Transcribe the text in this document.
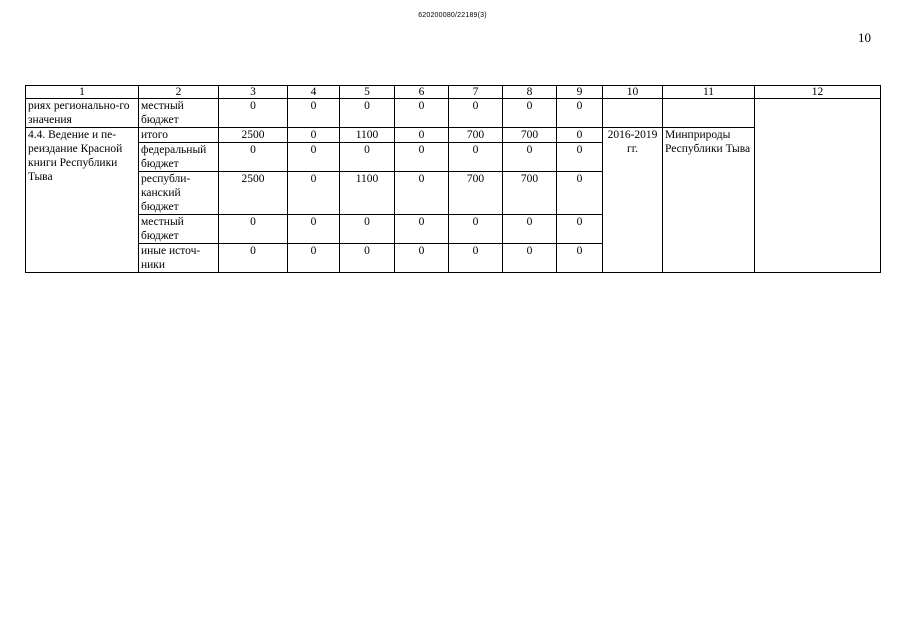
620200080/22189(3)
10
1	2	3	4	5	6	7	8	9	10	11	12
риях регионально-го значения	местный бюджет	0	0	0	0	0	0	0			
4.4. Ведение и пе-реиздание Красной книги Республики Тыва	итого	2500	0	1100	0	700	700	0	2016-2019 гг.	Минприроды Республики Тыва	
	федеральный бюджет	0	0	0	0	0	0	0			
	республи-канский бюджет	2500	0	1100	0	700	700	0			
	местный бюджет	0	0	0	0	0	0	0			
	иные источ-ники	0	0	0	0	0	0	0			
